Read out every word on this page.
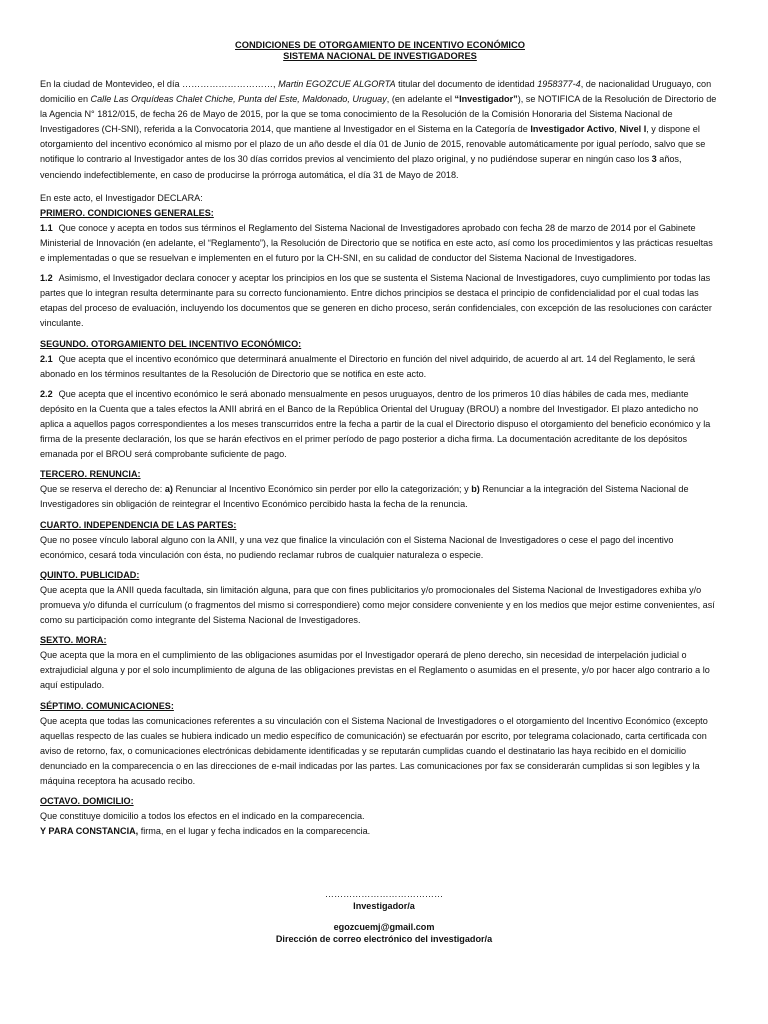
CONDICIONES DE OTORGAMIENTO DE INCENTIVO ECONÓMICO
SISTEMA NACIONAL DE INVESTIGADORES

En la ciudad de Montevideo, el día …………………………, Martin EGOZCUE ALGORTA titular del documento de identidad 1958377-4, de nacionalidad Uruguayo, con domicilio en Calle Las Orquídeas Chalet Chiche, Punta del Este, Maldonado, Uruguay, (en adelante el “Investigador”), se NOTIFICA de la Resolución de Directorio de la Agencia N° 1812/015, de fecha 26 de Mayo de 2015, por la que se toma conocimiento de la Resolución de la Comisión Honoraria del Sistema Nacional de Investigadores (CH-SNI), referida a la Convocatoria 2014, que mantiene al Investigador en el Sistema en la Categoría de Investigador Activo, Nivel I, y dispone el otorgamiento del incentivo económico al mismo por el plazo de un año desde el día 01 de Junio de 2015, renovable automáticamente por igual período, salvo que se notifique lo contrario al Investigador antes de los 30 días corridos previos al vencimiento del plazo original, y no pudiéndose superar en ningún caso los 3 años, venciendo indefectiblemente, en caso de producirse la prórroga automática, el día 31 de Mayo de 2018.

En este acto, el Investigador DECLARA:

PRIMERO. CONDICIONES GENERALES:

1.1 Que conoce y acepta en todos sus términos el Reglamento del Sistema Nacional de Investigadores aprobado con fecha 28 de marzo de 2014 por el Gabinete Ministerial de Innovación (en adelante, el “Reglamento”), la Resolución de Directorio que se notifica en este acto, así como los procedimientos y las prácticas resueltas e implementadas o que se resuelvan e implementen en el futuro por la CH-SNI, en su calidad de conductor del Sistema Nacional de Investigadores.

1.2 Asimismo, el Investigador declara conocer y aceptar los principios en los que se sustenta el Sistema Nacional de Investigadores, cuyo cumplimiento por todas las partes que lo integran resulta determinante para su correcto funcionamiento. Entre dichos principios se destaca el principio de confidencialidad por el cual todas las etapas del proceso de evaluación, incluyendo los documentos que se generen en dicho proceso, serán confidenciales, con excepción de las resoluciones con carácter vinculante.

SEGUNDO. OTORGAMIENTO DEL INCENTIVO ECONÓMICO:

2.1 Que acepta que el incentivo económico que determinará anualmente el Directorio en función del nivel adquirido, de acuerdo al art. 14 del Reglamento, le será abonado en los términos resultantes de la Resolución de Directorio que se notifica en este acto.

2.2 Que acepta que el incentivo económico le será abonado mensualmente en pesos uruguayos, dentro de los primeros 10 días hábiles de cada mes, mediante depósito en la Cuenta que a tales efectos la ANII abrirá en el Banco de la República Oriental del Uruguay (BROU) a nombre del Investigador. El plazo antedicho no aplica a aquellos pagos correspondientes a los meses transcurridos entre la fecha a partir de la cual el Directorio dispuso el otorgamiento del beneficio económico y la firma de la presente declaración, los que se harán efectivos en el primer período de pago posterior a dicha firma. La documentación acreditante de los depósitos emanada por el BROU será comprobante suficiente de pago.

TERCERO. RENUNCIA:

Que se reserva el derecho de: a) Renunciar al Incentivo Económico sin perder por ello la categorización; y b) Renunciar a la integración del Sistema Nacional de Investigadores sin obligación de reintegrar el Incentivo Económico percibido hasta la fecha de la renuncia.

CUARTO. INDEPENDENCIA DE LAS PARTES:

Que no posee vínculo laboral alguno con la ANII, y una vez que finalice la vinculación con el Sistema Nacional de Investigadores o cese el pago del incentivo económico, cesará toda vinculación con ésta, no pudiendo reclamar rubros de cualquier naturaleza o especie.

QUINTO. PUBLICIDAD:

Que acepta que la ANII queda facultada, sin limitación alguna, para que con fines publicitarios y/o promocionales del Sistema Nacional de Investigadores exhiba y/o promueva y/o difunda el currículum (o fragmentos del mismo si correspondiere) como mejor considere conveniente y en los medios que mejor estime convenientes, así como su participación como integrante del Sistema Nacional de Investigadores.

SEXTO. MORA:

Que acepta que la mora en el cumplimiento de las obligaciones asumidas por el Investigador operará de pleno derecho, sin necesidad de interpelación judicial o extrajudicial alguna y por el solo incumplimiento de alguna de las obligaciones previstas en el Reglamento o asumidas en el presente, y/o por hacer algo contrario a lo aquí estipulado.

SÉPTIMO. COMUNICACIONES:

Que acepta que todas las comunicaciones referentes a su vinculación con el Sistema Nacional de Investigadores o el otorgamiento del Incentivo Económico (excepto aquellas respecto de las cuales se hubiera indicado un medio específico de comunicación) se efectuarán por escrito, por telegrama colacionado, carta certificada con aviso de retorno, fax, o comunicaciones electrónicas debidamente identificadas y se reputarán cumplidas cuando el destinatario las haya recibido en el domicilio denunciado en la comparecencia o en las direcciones de e-mail indicadas por las partes. Las comunicaciones por fax se considerarán cumplidas si son legibles y la máquina receptora ha acusado recibo.

OCTAVO. DOMICILIO:

Que constituye domicilio a todos los efectos en el indicado en la comparecencia.

Y PARA CONSTANCIA, firma, en el lugar y fecha indicados en la comparecencia.

…………………………………
Investigador/a
egozcuemj@gmail.com
Dirección de correo electrónico del investigador/a
